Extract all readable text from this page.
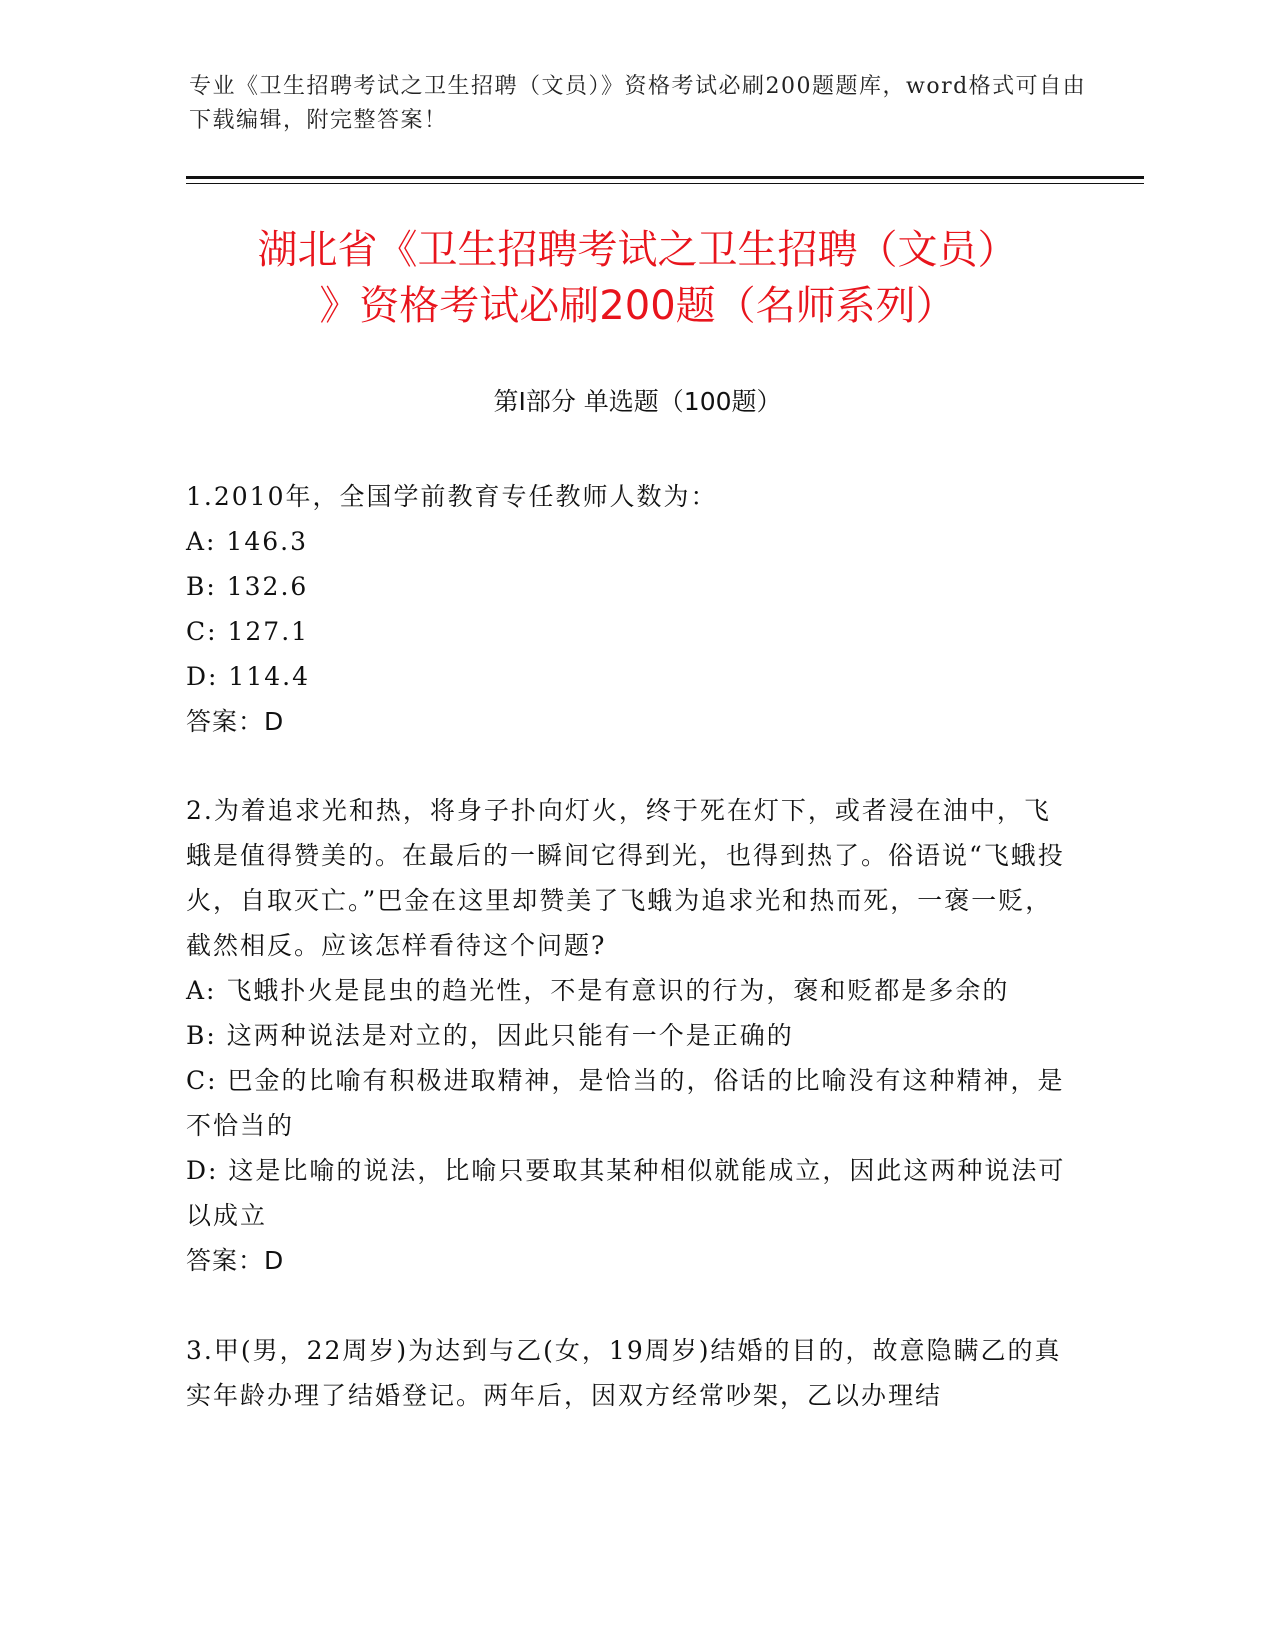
专业《卫生招聘考试之卫生招聘（文员）》资格考试必刷200题题库，word格式可自由下载编辑，附完整答案！
湖北省《卫生招聘考试之卫生招聘（文员）
》资格考试必刷200题（名师系列）
第I部分 单选题（100题）

1.2010年，全国学前教育专任教师人数为：

A: 146.3

B: 132.6

C: 127.1

D: 114.4

答案：D

2.为着追求光和热，将身子扑向灯火，终于死在灯下，或者浸在油中，飞蛾是值得赞美的。在最后的一瞬间它得到光，也得到热了。俗语说“飞蛾投火，自取灭亡。”巴金在这里却赞美了飞蛾为追求光和热而死，一褒一贬，截然相反。应该怎样看待这个问题?

A: 飞蛾扑火是昆虫的趋光性，不是有意识的行为，褒和贬都是多余的

B: 这两种说法是对立的，因此只能有一个是正确的

C: 巴金的比喻有积极进取精神，是恰当的，俗话的比喻没有这种精神，是不恰当的

D: 这是比喻的说法，比喻只要取其某种相似就能成立，因此这两种说法可以成立

答案：D

3.甲(男，22周岁)为达到与乙(女，19周岁)结婚的目的，故意隐瞒乙的真实年龄办理了结婚登记。两年后，因双方经常吵架，乙以办理结
